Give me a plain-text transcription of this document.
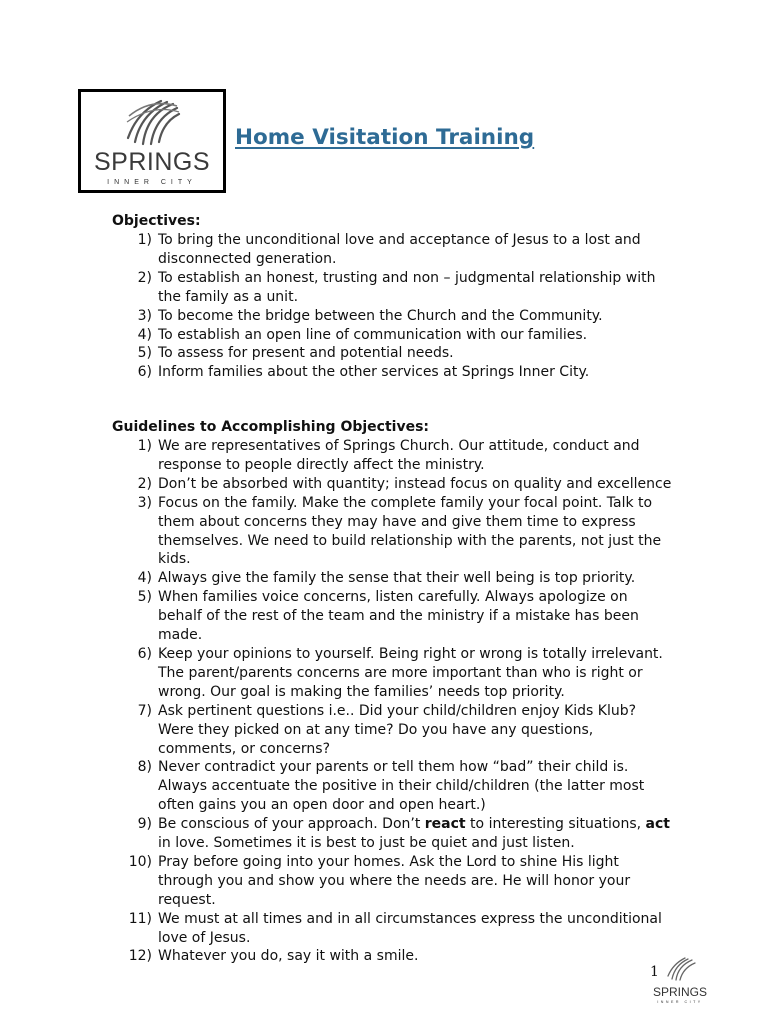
SPRINGS
INNER CITY
Home Visitation Training

Objectives:

1) To bring the unconditional love and acceptance of Jesus to a lost and disconnected generation.
2) To establish an honest, trusting and non – judgmental relationship with the family as a unit.
3) To become the bridge between the Church and the Community.
4) To establish an open line of communication with our families.
5) To assess for present and potential needs.
6) Inform families about the other services at Springs Inner City.

Guidelines to Accomplishing Objectives:

1) We are representatives of Springs Church. Our attitude, conduct and response to people directly affect the ministry.
2) Don’t be absorbed with quantity; instead focus on quality and excellence
3) Focus on the family. Make the complete family your focal point. Talk to them about concerns they may have and give them time to express themselves. We need to build relationship with the parents, not just the kids.
4) Always give the family the sense that their well being is top priority.
5) When families voice concerns, listen carefully. Always apologize on behalf of the rest of the team and the ministry if a mistake has been made.
6) Keep your opinions to yourself. Being right or wrong is totally irrelevant. The parent/parents concerns are more important than who is right or wrong. Our goal is making the families’ needs top priority.
7) Ask pertinent questions i.e.. Did your child/children enjoy Kids Klub? Were they picked on at any time? Do you have any questions, comments, or concerns?
8) Never contradict your parents or tell them how “bad” their child is. Always accentuate the positive in their child/children (the latter most often gains you an open door and open heart.)
9) Be conscious of your approach. Don’t react to interesting situations, act in love. Sometimes it is best to just be quiet and just listen.
10) Pray before going into your homes. Ask the Lord to shine His light through you and show you where the needs are. He will honor your request.
11) We must at all times and in all circumstances express the unconditional love of Jesus.
12) Whatever you do, say it with a smile.
SPRINGS
INNER CITY
1
